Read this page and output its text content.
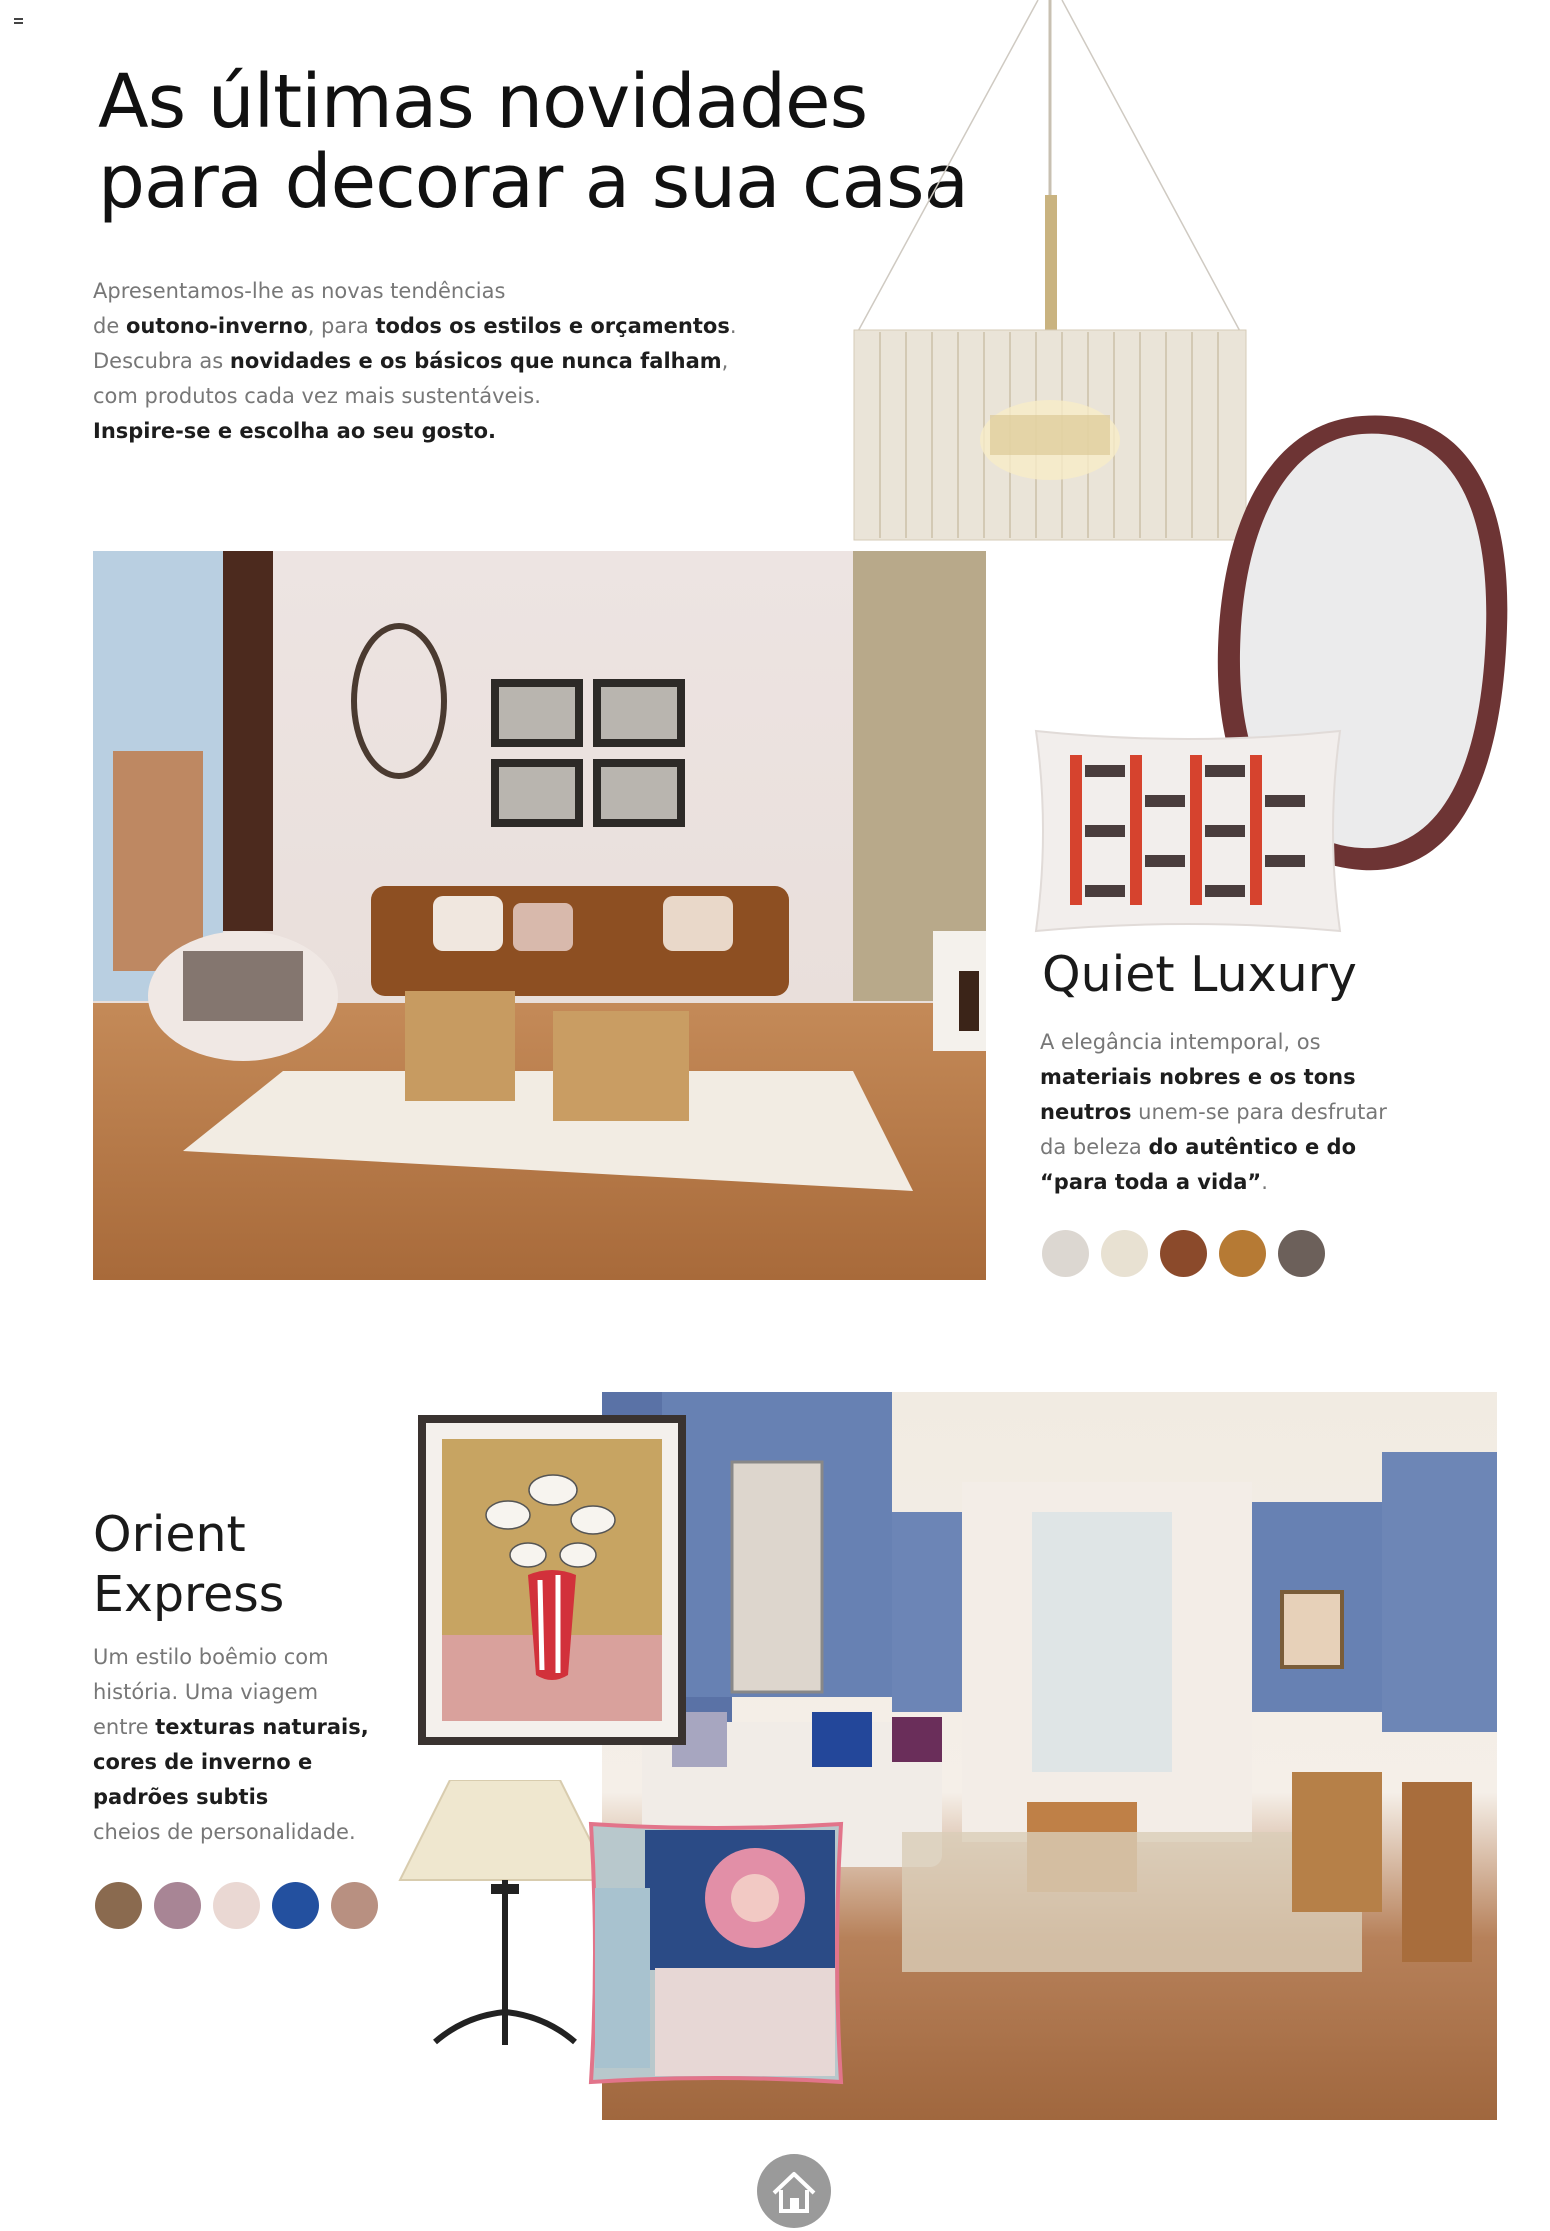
As últimas novidades
para decorar a sua casa
Apresentamos-lhe as novas tendências
de outono-inverno, para todos os estilos e orçamentos.
Descubra as novidades e os básicos que nunca falham,
com produtos cada vez mais sustentáveis.
Inspire-se e escolha ao seu gosto.
Quiet Luxury
A elegância intemporal, os
materiais nobres e os tons
neutros unem-se para desfrutar
da beleza do autêntico e do
“para toda a vida”.
Orient
Express
Um estilo boêmio com
história. Uma viagem
entre texturas naturais,
cores de inverno e
padrões subtis
cheios de personalidade.
